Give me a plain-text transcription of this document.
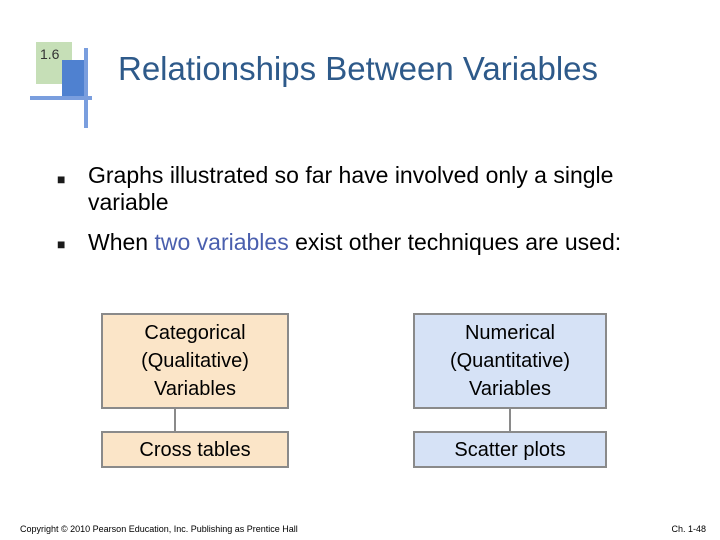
1.6 Relationships Between Variables
■ Graphs illustrated so far have involved only a single variable
■ When two variables exist other techniques are used:
Categorical (Qualitative) Variables
Numerical (Quantitative) Variables
Cross tables	Scatter plots
Copyright © 2010 Pearson Education, Inc. Publishing as Prentice Hall	Ch. 1-48
